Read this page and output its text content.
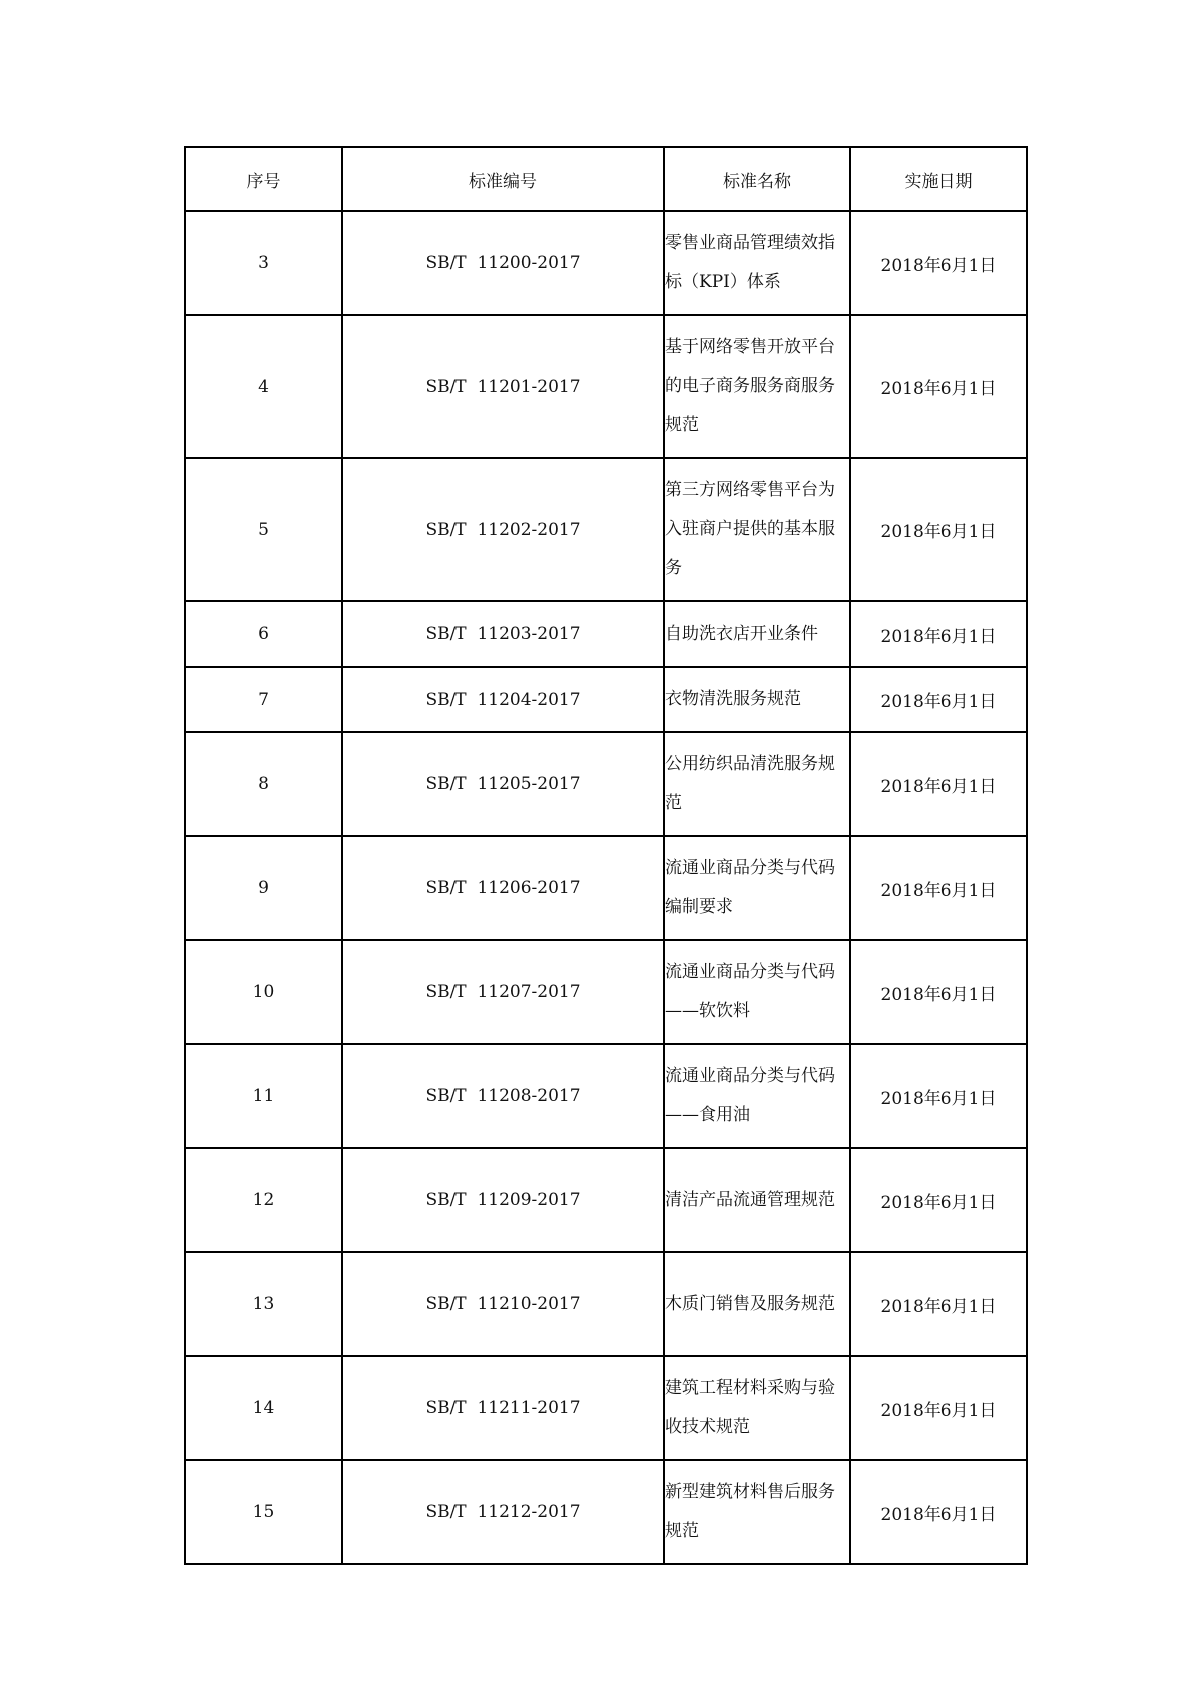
序号	标准编号	标准名称	实施日期
3	SB/T  11200-2017	零售业商品管理绩效指标（KPI）体系	2018年6月1日
4	SB/T  11201-2017	基于网络零售开放平台的电子商务服务商服务规范	2018年6月1日
5	SB/T  11202-2017	第三方网络零售平台为入驻商户提供的基本服务	2018年6月1日
6	SB/T  11203-2017	自助洗衣店开业条件	2018年6月1日
7	SB/T  11204-2017	衣物清洗服务规范	2018年6月1日
8	SB/T  11205-2017	公用纺织品清洗服务规范	2018年6月1日
9	SB/T  11206-2017	流通业商品分类与代码编制要求	2018年6月1日
10	SB/T  11207-2017	流通业商品分类与代码——软饮料	2018年6月1日
11	SB/T  11208-2017	流通业商品分类与代码——食用油	2018年6月1日
12	SB/T  11209-2017	清洁产品流通管理规范	2018年6月1日
13	SB/T  11210-2017	木质门销售及服务规范	2018年6月1日
14	SB/T  11211-2017	建筑工程材料采购与验收技术规范	2018年6月1日
15	SB/T  11212-2017	新型建筑材料售后服务规范	2018年6月1日
